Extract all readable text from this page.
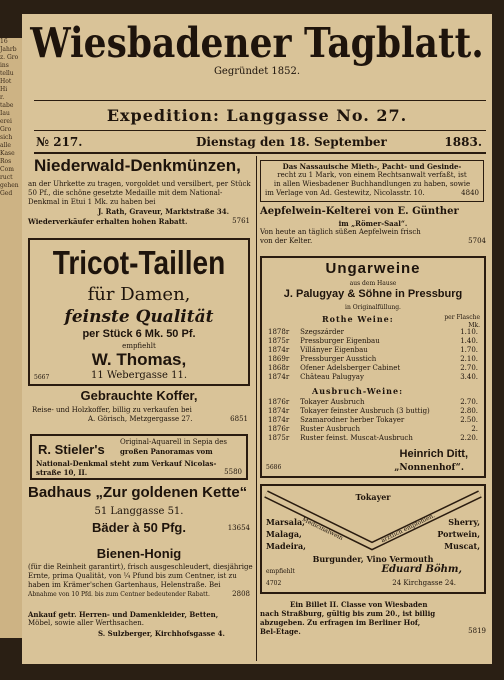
Wiesbadener Tagblatt.
Gegründet 1852.
Expedition: Langgasse No. 27.
№ 217.	Dienstag den 18. September	1883.
Niederwald-Denkmünzen,
an der Uhrkette zu tragen, vorgoldet und versilbert, per Stück
50 Pf., die schöne gesetzte Medaille mit dem National-
Denkmal in Etui 1 Mk. zu haben bei
J. Rath, Graveur, Marktstraße 34.
Wiederverkäufer erhalten hohen Rabatt.	5761
Tricot-Taillen
für Damen,
feinste Qualität
per Stück 6 Mk. 50 Pf.
empfiehlt
W. Thomas,
5667	11 Webergasse 11.
Gebrauchte Koffer,
Reise- und Holzkoffer, billig zu verkaufen bei
A. Görisch, Metzgergasse 27.	6851
R. Stieler's Original-Aquarell in Sepia des
großen Panoramas vom
National-Denkmal steht zum Verkauf Nicolas-
straße 10, II.	5580
Badhaus „Zur goldenen Kette“
51 Langgasse 51.
Bäder à 50 Pfg.	13654
Bienen-Honig
(für die Reinheit garantirt), frisch ausgeschleudert, diesjährige
Ernte, prima Qualität, von ¼ Pfund bis zum Centner, ist zu
haben im Krämer'schen Gartenhaus, Helenstraße. Bei
Abnahme von 10 Pfd. bis zum Centner bedeutender Rabatt.	2808
Ankauf getr. Herren- und Damenkleider, Betten,
Möbel, sowie aller Werthsachen.
S. Sulzberger, Kirchhofsgasse 4.
Das Nassauische Mieth-, Pacht- und Gesinde-
recht zu 1 Mark, von einem Rechtsanwalt verfaßt, ist
in allen Wiesbadener Buchhandlungen zu haben, sowie
im Verlage von Ad. Gestewitz, Nicolasstr. 10.	4840
Aepfelwein-Kelterei von E. Günther
im „Römer-Saal“.
Von heute an täglich süßen Aepfelwein frisch
von der Kelter.	5704
Ungarweine
aus dem Hause
J. Palugyay & Söhne in Pressburg
in Originalfüllung.
Rothe Weine:	per Flasche
Mk.
1878r	Szegszárder	1.10.
1875r	Pressburger Eigenbau	1.40.
1874r	Villányer Eigenbau	1.70.
1869r	Pressburger Ausstich	2.10.
1868r	Ofener Adelsberger Cabinet	2.70.
1874r	Château Palugyay	3.40.
Ausbruch-Weine:
1876r	Tokayer Ausbruch	2.70.
1874r	Tokayer feinster Ausbruch (3 buttig)	2.80.
1874r	Szamarodner herber Tokayer	2.50.
1876r	Ruster Ausbruch	2.
1875r	Ruster feinst. Muscat-Ausbruch	2.20.
Heinrich Ditt,
5686	„Nonnenhof“.
Tokayer
Medicinalwein	ärztlich empfohlen.
Marsala,
Malaga,
Madeira,
Sherry,
Portwein,
Muscat,
Burgunder, Vino Vermouth
empfiehlt	Eduard Böhm,
4702	24 Kirchgasse 24.
Ein Billet II. Classe von Wiesbaden
nach Straßburg, gültig bis zum 20., ist billig
abzugeben. Zu erfragen im Berliner Hof,
Bel-Etage.	5819
16
Jahrb
z. Gro
ins
tellu
Hot
Hi
r.
tabe
Iau
erei
Gro
sich
alle
Kase
Ros
Com
ruct
gehen
Ged
